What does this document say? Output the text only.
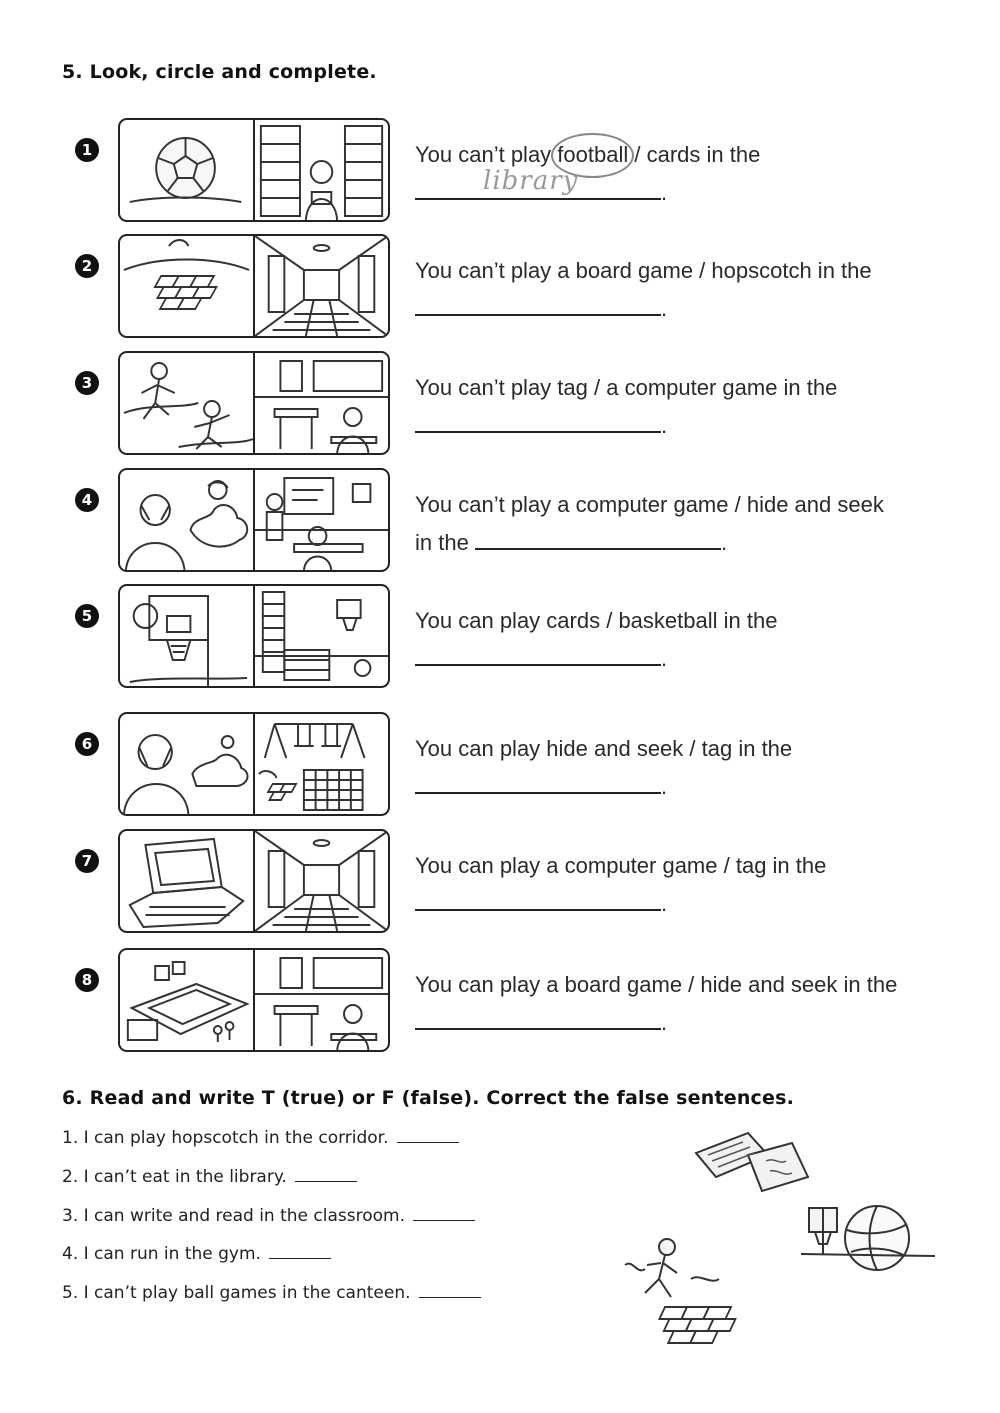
5. Look, circle and complete.
1	You can’t play football / cards in the

library	.
2	You can’t play a board game / hopscotch in the
.
3	You can’t play tag / a computer game in the
.
4	You can’t play a computer game / hide and seek
in the	.
5	You can play cards / basketball in the
.
6	You can play hide and seek / tag in the
.
7	You can play a computer game / tag in the
.
8	You can play a board game / hide and seek in the
.
6. Read and write T (true) or F (false). Correct the false sentences.
1. I can play hopscotch in the corridor.
2. I can’t eat in the library.
3. I can write and read in the classroom.
4. I can run in the gym.
5. I can’t play ball games in the canteen.
